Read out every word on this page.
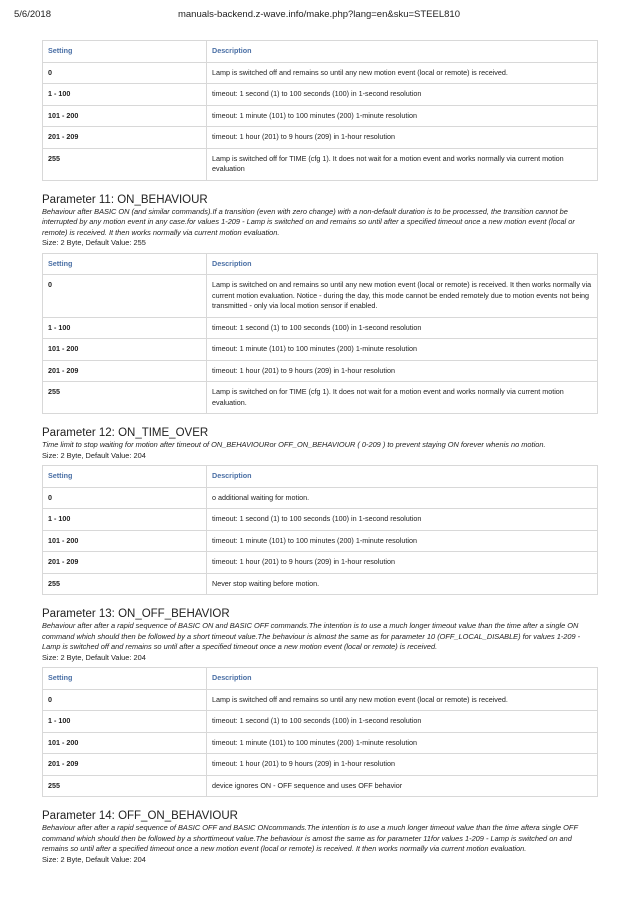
5/6/2018	manuals-backend.z-wave.info/make.php?lang=en&sku=STEEL810
Setting	Description
0	Lamp is switched off and remains so until any new motion event (local or remote) is received.
1 - 100	timeout: 1 second (1) to 100 seconds (100) in 1-second resolution
101 - 200	timeout: 1 minute (101) to 100 minutes (200) 1-minute resolution
201 - 209	timeout: 1 hour (201) to 9 hours (209) in 1-hour resolution
255	Lamp is switched off for TIME (cfg 1). It does not wait for a motion event and works normally via current motion evaluation
Parameter 11: ON_BEHAVIOUR
Behaviour after BASIC ON (and similar commands).If a transition (even with zero change) with a non-default duration is to be processed, the transition cannot be interrupted by any motion event in any case.for values 1-209 - Lamp is switched on and remains so until after a specified timeout once a new motion event (local or remote) is received. It then works normally via current motion evaluation.
Size: 2 Byte, Default Value: 255
Setting	Description
0	Lamp is switched on and remains so until any new motion event (local or remote) is received. It then works normally via current motion evaluation. Notice - during the day, this mode cannot be ended remotely due to motion events not being transmitted - only via local motion sensor if enabled.
1 - 100	timeout: 1 second (1) to 100 seconds (100) in 1-second resolution
101 - 200	timeout: 1 minute (101) to 100 minutes (200) 1-minute resolution
201 - 209	timeout: 1 hour (201) to 9 hours (209) in 1-hour resolution
255	Lamp is switched on for TIME (cfg 1). It does not wait for a motion event and works normally via current motion evaluation.
Parameter 12: ON_TIME_OVER
Time limit to stop waiting for motion after timeout of ON_BEHAVIOURor OFF_ON_BEHAVIOUR ( 0-209 ) to prevent staying ON forever whenis no motion.
Size: 2 Byte, Default Value: 204
Setting	Description
0	o additional waiting for motion.
1 - 100	timeout: 1 second (1) to 100 seconds (100) in 1-second resolution
101 - 200	timeout: 1 minute (101) to 100 minutes (200) 1-minute resolution
201 - 209	timeout: 1 hour (201) to 9 hours (209) in 1-hour resolution
255	Never stop waiting before motion.
Parameter 13: ON_OFF_BEHAVIOR
Behaviour after after a rapid sequence of BASIC ON and BASIC OFF commands.The intention is to use a much longer timeout value than the time after a single ON command which should then be followed by a short timeout value.The behaviour is almost the same as for parameter 10 (OFF_LOCAL_DISABLE) for values 1-209 - Lamp is switched off and remains so until after a specified timeout once a new motion event (local or remote) is received.
Size: 2 Byte, Default Value: 204
Setting	Description
0	Lamp is switched off and remains so until any new motion event (local or remote) is received.
1 - 100	timeout: 1 second (1) to 100 seconds (100) in 1-second resolution
101 - 200	timeout: 1 minute (101) to 100 minutes (200) 1-minute resolution
201 - 209	timeout: 1 hour (201) to 9 hours (209) in 1-hour resolution
255	device ignores ON - OFF sequence and uses OFF behavior
Parameter 14: OFF_ON_BEHAVIOUR
Behaviour after after a rapid sequence of BASIC OFF and BASIC ONcommands.The intention is to use a much longer timeout value than the time aftera single OFF command which should then be followed by a shorttimeout value.The behaviour is amost the same as for parameter 11for values 1-209 - Lamp is switched on and remains so until after a specified timeout once a new motion event (local or remote) is received. It then works normally via current motion evaluation.
Size: 2 Byte, Default Value: 204
